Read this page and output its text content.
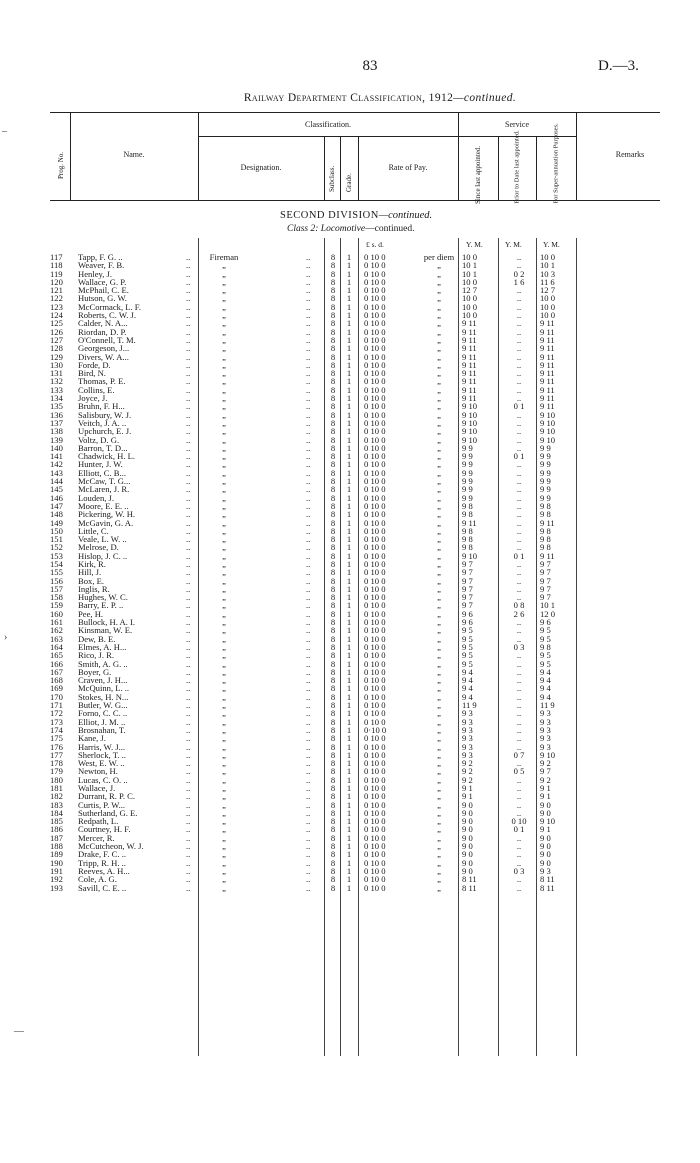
83	D.—3.
Railway Department Classification, 1912—continued.
Prog. No.	Name.
Classification.
Designation.	Subclass. Grade.
Rate of Pay.
Service
Since last appointed.	Prior to Date last appointed.	For Super-annuation Purposes.	Remarks
SECOND DIVISION—continued.
Class 2: Locomotive—continued.
£ s. d.	Y. M.	Y. M.	Y. M.
117	Tapp, F. G. ..	..	Fireman	..	8	1	0 10 0	per diem 10 0	..	10 0
118	Weaver, F. B.	..	„	..	8	1	0 10 0	„	10 1	..	10 1
119	Henley, J.	..	„	..	8	1	0 10 0	„	10 1	0 2	10 3
120	Wallace, G. P.	..	„	..	8	1	0 10 0	„	10 0	1 6	11 6
121	McPhail, C. E.	..	„	..	8	1	0 10 0	„	12 7	..	12 7
122	Hutson, G. W.	..	„	..	8	1	0 10 0	„	10 0	..	10 0
123	McCormack, L. F.	..	„	..	8	1	0 10 0	„	10 0	..	10 0
124	Roberts, C. W. J.	..	„	..	8	1	0 10 0	„	10 0	..	10 0
125	Calder, N. A...	..	„	..	8	1	0 10 0	„	9 11	..	9 11
126	Riordan, D. P.	..	„	..	8	1	0 10 0	„	9 11	..	9 11
127	O'Connell, T. M.	..	„	..	8	1	0 10 0	„	9 11	..	9 11
128	Georgeson, J...	..	„	..	8	1	0 10 0	„	9 11	..	9 11
129	Divers, W. A...	..	„	..	8	1	0 10 0	„	9 11	..	9 11
130	Forde, D.	..	„	..	8	1	0 10 0	„	9 11	..	9 11
131	Bird, N.	..	„	..	8	1	0 10 0	„	9 11	..	9 11
132	Thomas, P. E.	..	„	..	8	1	0 10 0	„	9 11	..	9 11
133	Collins, E.	..	„	..	8	1	0 10 0	„	9 11	..	9 11
134	Joyce, J.	..	„	..	8	1	0 10 0	„	9 11	..	9 11
135	Bruhn, F. H...	..	„	..	8	1	0 10 0	„	9 10	0 1	9 11
136	Salisbury, W. J.	..	„	..	8	1	0 10 0	„	9 10	..	9 10
137	Veitch, J. A. ..	..	„	..	8	1	0 10 0	„	9 10	..	9 10
138	Upchurch, E. J.	..	„	..	8	1	0 10 0	„	9 10	..	9 10
139	Voltz, D. G.	..	„	..	8	1	0 10 0	„	9 10	..	9 10
140	Barron, T. D...	..	„	..	8	1	0 10 0	„	9 9	..	9 9
141	Chadwick, H. L.	..	„	..	8	1	0 10 0	„	9 9	0 1	9 9
142	Hunter, J. W.	..	„	..	8	1	0 10 0	„	9 9	..	9 9
143	Elliott, C. B...	..	„	..	8	1	0 10 0	„	9 9	..	9 9
144	McCaw, T. G...	..	„	..	8	1	0 10 0	„	9 9	..	9 9
145	McLaren, J. R.	..	„	..	8	1	0 10 0	„	9 9	..	9 9
146	Louden, J.	..	„	..	8	1	0 10 0	„	9 9	..	9 9
147	Moore, E. E. ..	..	„	..	8	1	0 10 0	„	9 8	..	9 8
148	Pickering, W. H.	..	„	..	8	1	0 10 0	„	9 8	..	9 8
149	McGavin, G. A.	..	„	..	8	1	0 10 0	„	9 11	..	9 11
150	Little, C.	..	„	..	8	1	0 10 0	„	9 8	..	9 8
151	Veale, L. W. ..	..	„	..	8	1	0 10 0	„	9 8	..	9 8
152	Melrose, D.	..	„	..	8	1	0 10 0	„	9 8	..	9 8
153	Hislop, J. C. ..	..	„	..	8	1	0 10 0	„	9 10	0 1	9 11
154	Kirk, R.	..	„	..	8	1	0 10 0	„	9 7	..	9 7
155	Hill, J.	..	„	..	8	1	0 10 0	„	9 7	..	9 7
156	Box, E.	..	„	..	8	1	0 10 0	„	9 7	..	9 7
157	Inglis, R.	..	„	..	8	1	0 10 0	„	9 7	..	9 7
158	Hughes, W. C.	..	„	..	8	1	0 10 0	„	9 7	..	9 7
159	Barry, E. P. ..	..	„	..	8	1	0 10 0	„	9 7	0 8	10 1
160	Pee, H.	..	„	..	8	1	0 10 0	„	9 6	2 6	12 0
161	Bullock, H. A. I.	..	„	..	8	1	0 10 0	„	9 6	..	9 6
162	Kinsman, W. E.	..	„	..	8	1	0 10 0	„	9 5	..	9 5
163	Dew, B. E.	..	„	..	8	1	0 10 0	„	9 5	..	9 5
164	Elmes, A. H...	..	„	..	8	1	0 10 0	„	9 5	0 3	9 8
165	Rico, J. R.	..	„	..	8	1	0 10 0	„	9 5	..	9 5
166	Smith, A. G. ..	..	„	..	8	1	0 10 0	„	9 5	..	9 5
167	Boyer, G.	..	„	..	8	1	0 10 0	„	9 4	..	9 4
168	Craven, J. H...	..	„	..	8	1	0 10 0	„	9 4	..	9 4
169	McQuinn, L. ..	..	„	..	8	1	0 10 0	„	9 4	..	9 4
170	Stokes, H. N...	..	„	..	8	1	0 10 0	„	9 4	..	9 4
171	Butler, W. G...	..	„	..	8	1	0 10 0	„	11 9	..	11 9
172	Forno, C. C. ..	..	„	..	8	1	0 10 0	„	9 3	..	9 3
173	Elliot, J. M. ..	..	„	..	8	1	0 10 0	„	9 3	..	9 3
174	Brosnahan, T.	..	„	..	8	1	0·10 0	„	9 3	..	9 3
175	Kane, J.	..	„	..	8	1	0 10 0	„	9 3	..	9 3
176	Harris, W. J...	..	„	..	8	1	0 10 0	„	9 3	..	9 3
177	Sherlock, T. ..	..	„	..	8	1	0 10 0	„	9 3	0 7	9 10
178	West, E. W. ..	..	„	..	8	1	0 10 0	„	9 2	..	9 2
179	Newton, H.	..	„	..	8	1	0 10 0	„	9 2	0 5	9 7
180	Lucas, C. O. ..	..	„	..	8	1	0 10 0	„	9 2	..	9 2
181	Wallace, J.	..	„	..	8	1	0 10 0	„	9 1	..	9 1
182	Durrant, R. P. C.	..	„	..	8	1	0 10 0	„	9 1	..	9 1
183	Curtis, P. W...	..	„	..	8	1	0 10 0	„	9 0	..	9 0
184	Sutherland, G. E.	..	„	..	8	1	0 10 0	„	9 0	..	9 0
185	Redpath, L.	..	„	..	8	1	0 10 0	„	9 0	0 10	9 10
186	Courtney, H. F.	..	„	..	8	1	0 10 0	„	9 0	0 1	9 1
187	Mercer, R.	..	„	..	8	1	0 10 0	„	9 0	..	9 0
188	McCutcheon, W. J.	..	„	..	8	1	0 10 0	„	9 0	..	9 0
189	Drake, F. C. ..	..	„	..	8	1	0 10 0	„	9 0	..	9 0
190	Tripp, R. H. ..	..	„	..	8	1	0 10 0	„	9 0	..	9 0
191	Reeves, A. H...	..	„	..	8	1	0 10 0	„	9 0	0 3	9 3
192	Cole, A. G.	..	„	..	8	1	0 10 0	„	8 11	..	8 11
193	Savill, C. E. ..	..	„	..	8	1	0 10 0	„	8 11	..	8 11
–
›
—
